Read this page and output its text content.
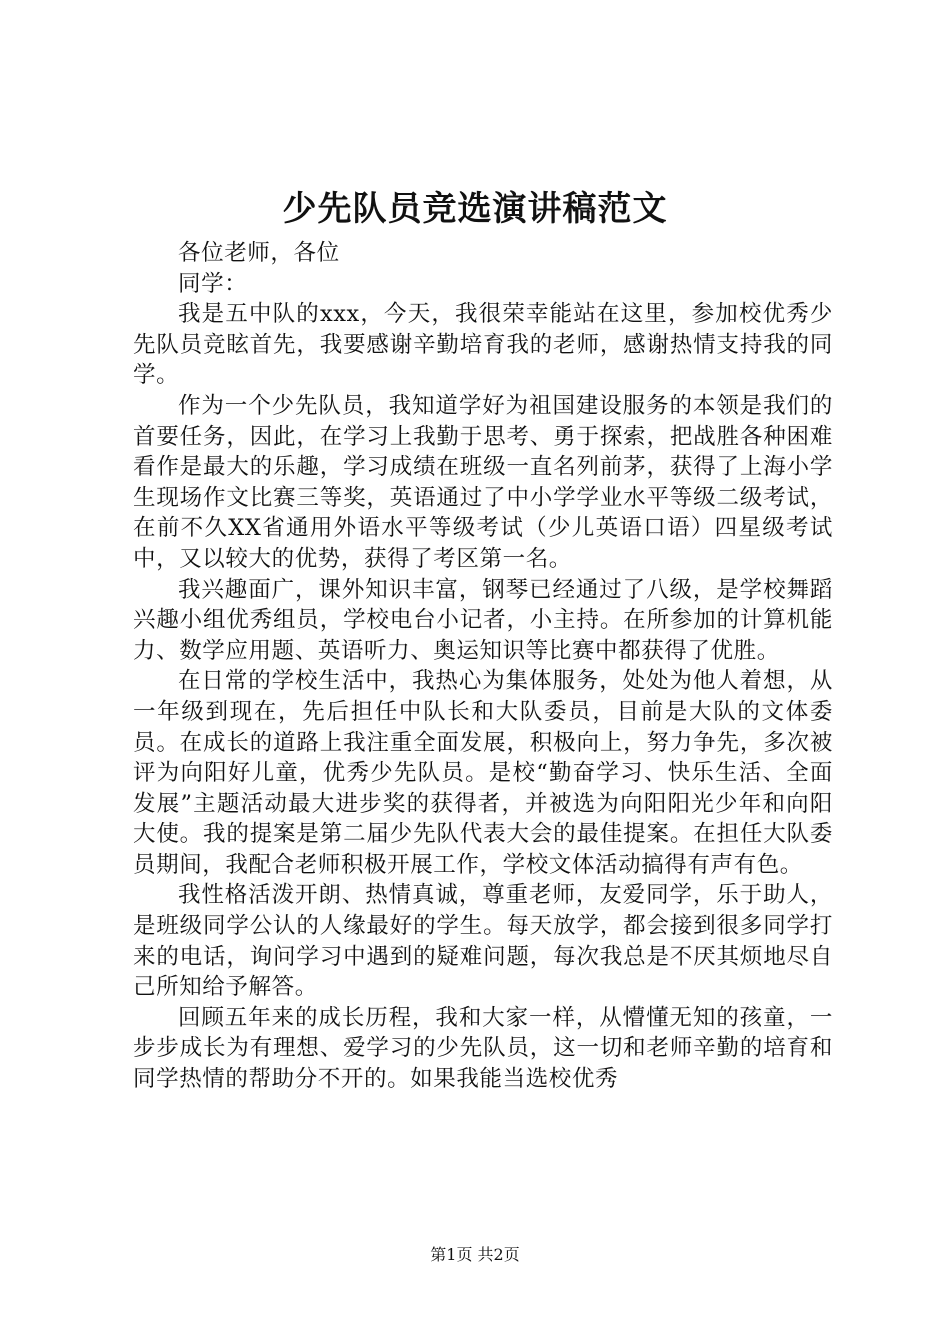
少先队员竞选演讲稿范文

各位老师，各位

同学：

我是五中队的xxx，今天，我很荣幸能站在这里，参加校优秀少先队员竞眩首先，我要感谢辛勤培育我的老师，感谢热情支持我的同学。

作为一个少先队员，我知道学好为祖国建设服务的本领是我们的首要任务，因此，在学习上我勤于思考、勇于探索，把战胜各种困难看作是最大的乐趣，学习成绩在班级一直名列前茅，获得了上海小学生现场作文比赛三等奖，英语通过了中小学学业水平等级二级考试，在前不久XX省通用外语水平等级考试（少儿英语口语）四星级考试中，又以较大的优势，获得了考区第一名。

我兴趣面广，课外知识丰富，钢琴已经通过了八级，是学校舞蹈兴趣小组优秀组员，学校电台小记者，小主持。在所参加的计算机能力、数学应用题、英语听力、奥运知识等比赛中都获得了优胜。

在日常的学校生活中，我热心为集体服务，处处为他人着想，从一年级到现在，先后担任中队长和大队委员，目前是大队的文体委员。在成长的道路上我注重全面发展，积极向上，努力争先，多次被评为向阳好儿童，优秀少先队员。是校“勤奋学习、快乐生活、全面发展”主题活动最大进步奖的获得者，并被选为向阳阳光少年和向阳大使。我的提案是第二届少先队代表大会的最佳提案。在担任大队委员期间，我配合老师积极开展工作，学校文体活动搞得有声有色。

我性格活泼开朗、热情真诚，尊重老师，友爱同学，乐于助人，是班级同学公认的人缘最好的学生。每天放学，都会接到很多同学打来的电话，询问学习中遇到的疑难问题，每次我总是不厌其烦地尽自己所知给予解答。

回顾五年来的成长历程，我和大家一样，从懵懂无知的孩童，一步步成长为有理想、爱学习的少先队员，这一切和老师辛勤的培育和同学热情的帮助分不开的。如果我能当选校优秀

第1页 共2页
